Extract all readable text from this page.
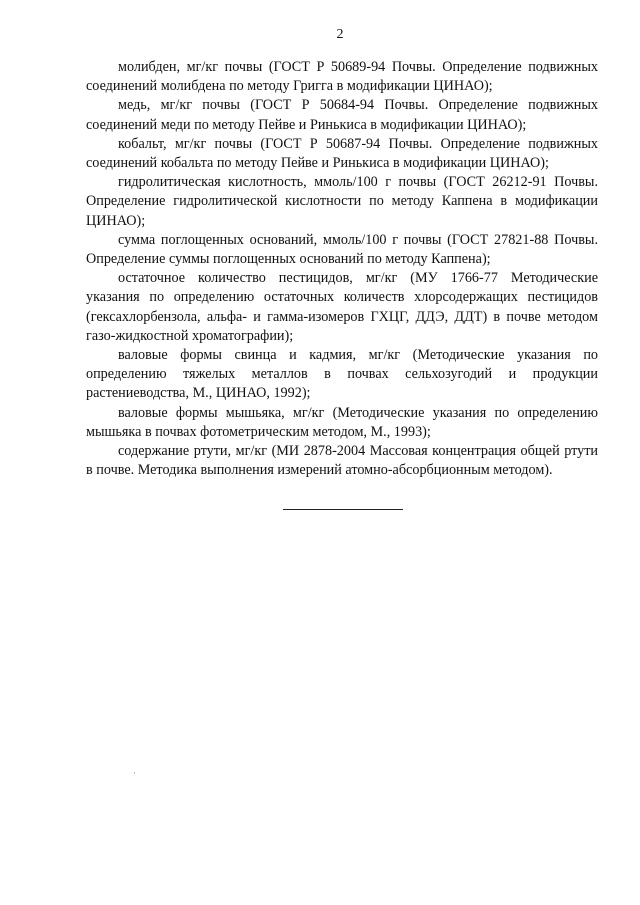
2

молибден, мг/кг почвы (ГОСТ Р 50689-94 Почвы. Определение подвижных соединений молибдена по методу Григга в модификации ЦИНАО);

медь, мг/кг почвы (ГОСТ Р 50684-94 Почвы. Определение подвижных соединений меди по методу Пейве и Ринькиса в модификации ЦИНАО);

кобальт, мг/кг почвы (ГОСТ Р 50687-94 Почвы. Определение подвижных соединений кобальта по методу Пейве и Ринькиса в модификации ЦИНАО);

гидролитическая кислотность, ммоль/100 г почвы (ГОСТ 26212-91 Почвы. Определение гидролитической кислотности по методу Каппена в модификации ЦИНАО);

сумма поглощенных оснований, ммоль/100 г почвы (ГОСТ 27821-88 Почвы. Определение суммы поглощенных оснований по методу Каппена);

остаточное количество пестицидов, мг/кг (МУ 1766-77 Методические указания по определению остаточных количеств хлорсодержащих пестицидов (гексахлорбензола, альфа- и гамма-изомеров ГХЦГ, ДДЭ, ДДТ) в почве методом газо-жидкостной хроматографии);

валовые формы свинца и кадмия, мг/кг (Методические указания по определению тяжелых металлов в почвах сельхозугодий и продукции растениеводства, М., ЦИНАО, 1992);

валовые формы мышьяка, мг/кг (Методические указания по определению мышьяка в почвах фотометрическим методом, М., 1993);

содержание ртути, мг/кг (МИ 2878-2004 Массовая концентрация общей ртути в почве. Методика выполнения измерений атомно-абсорбционным методом).
